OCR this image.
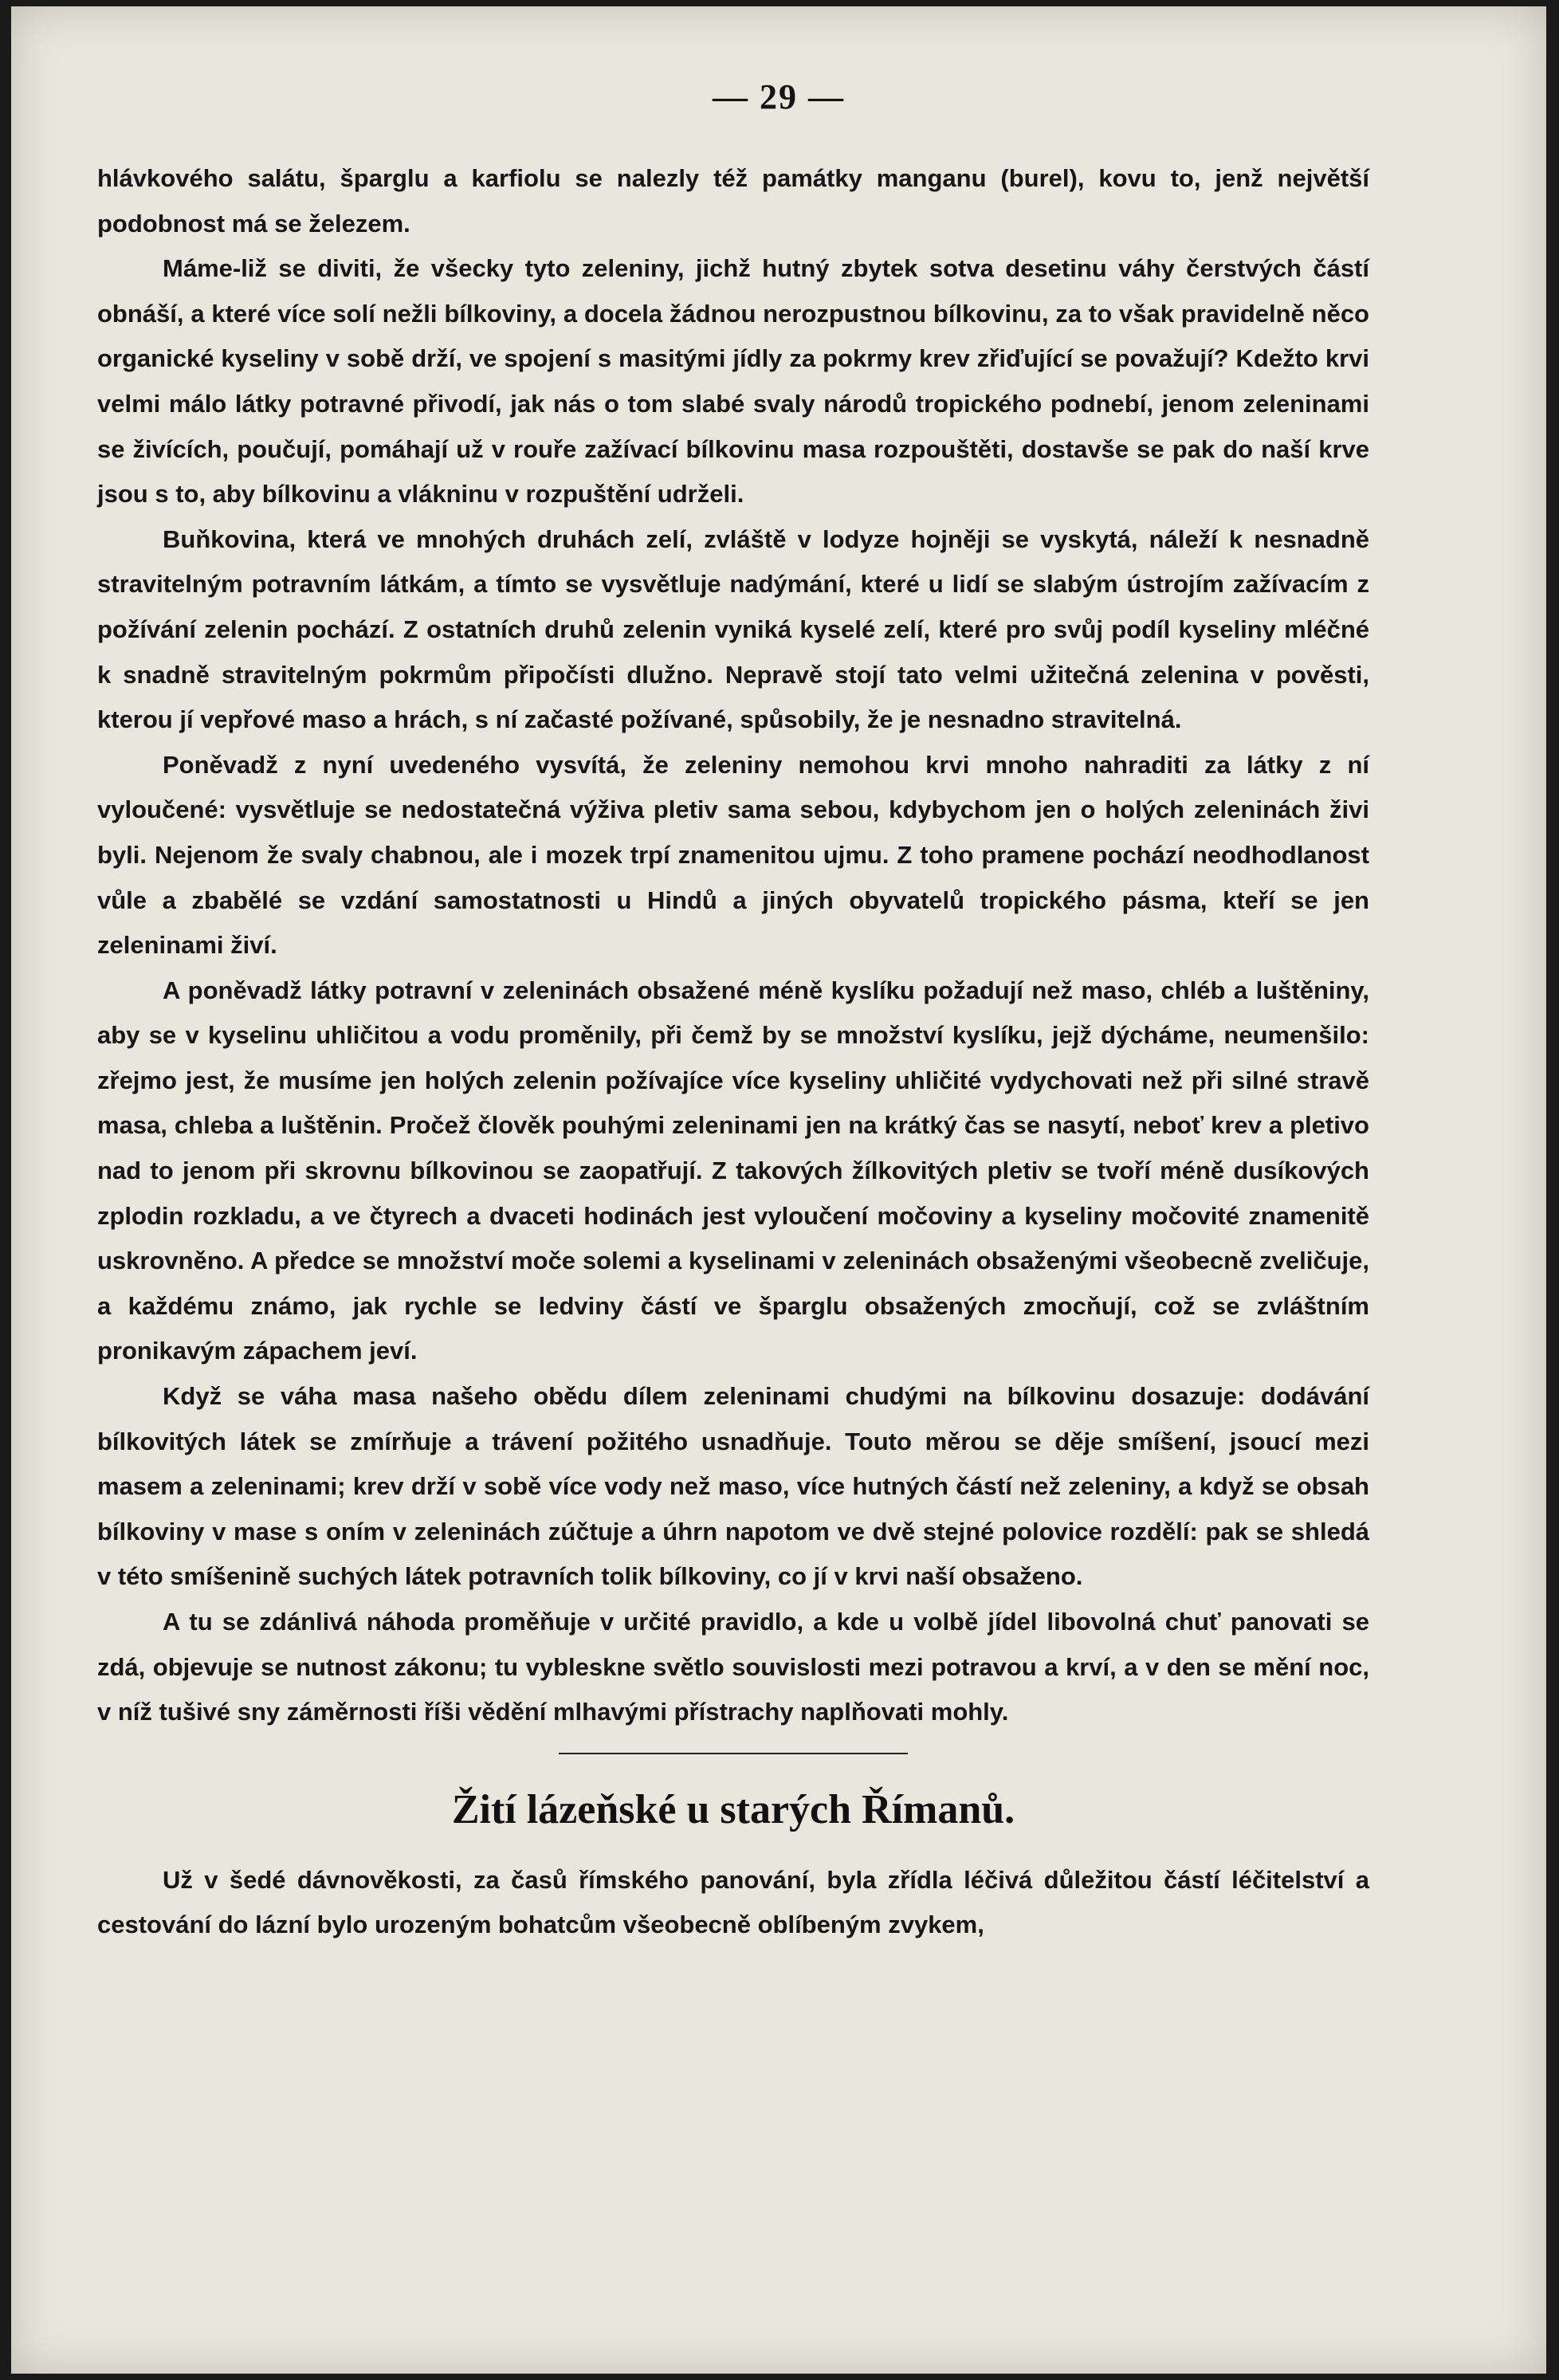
— 29 —

hlávkového salátu, šparglu a karfiolu se nalezly též památky manganu (burel), kovu to, jenž největší podobnost má se železem.

Máme-liž se diviti, že všecky tyto zeleniny, jichž hutný zbytek sotva desetinu váhy čerstvých částí obnáší, a které více solí nežli bílkoviny, a docela žádnou nerozpustnou bílkovinu, za to však pravidelně něco organické kyseliny v sobě drží, ve spojení s masitými jídly za pokrmy krev zřiďující se považují? Kdežto krvi velmi málo látky potravné přivodí, jak nás o tom slabé svaly národů tropického podnebí, jenom zeleninami se živících, poučují, pomáhají už v rouře zažívací bílkovinu masa rozpouštěti, dostavše se pak do naší krve jsou s to, aby bílkovinu a vlákninu v rozpuštění udrželi.

Buňkovina, která ve mnohých druhách zelí, zvláště v lodyze hojněji se vyskytá, náleží k nesnadně stravitelným potravním látkám, a tímto se vysvětluje nadýmání, které u lidí se slabým ústrojím zažívacím z požívání zelenin pochází. Z ostatních druhů zelenin vyniká kyselé zelí, které pro svůj podíl kyseliny mléčné k snadně stravitelným pokrmům připočísti dlužno. Nepravě stojí tato velmi užitečná zelenina v pověsti, kterou jí vepřové maso a hrách, s ní začasté požívané, spůsobily, že je nesnadno stravitelná.

Poněvadž z nyní uvedeného vysvítá, že zeleniny nemohou krvi mnoho nahraditi za látky z ní vyloučené: vysvětluje se nedostatečná výživa pletiv sama sebou, kdybychom jen o holých zeleninách živi byli. Nejenom že svaly chabnou, ale i mozek trpí znamenitou ujmu. Z toho pramene pochází neodhodlanost vůle a zbabělé se vzdání samostatnosti u Hindů a jiných obyvatelů tropického pásma, kteří se jen zeleninami živí.

A poněvadž látky potravní v zeleninách obsažené méně kyslíku požadují než maso, chléb a luštěniny, aby se v kyselinu uhličitou a vodu proměnily, při čemž by se množství kyslíku, jejž dýcháme, neumenšilo: zřejmo jest, že musíme jen holých zelenin požívajíce více kyseliny uhličité vydychovati než při silné stravě masa, chleba a luštěnin. Pročež člověk pouhými zeleninami jen na krátký čas se nasytí, neboť krev a pletivo nad to jenom při skrovnu bílkovinou se zaopatřují. Z takových žílkovitých pletiv se tvoří méně dusíkových zplodin rozkladu, a ve čtyrech a dvaceti hodinách jest vyloučení močoviny a kyseliny močovité znamenitě uskrovněno. A předce se množství moče solemi a kyselinami v zeleninách obsaženými všeobecně zveličuje, a každému známo, jak rychle se ledviny částí ve šparglu obsažených zmocňují, což se zvláštním pronikavým zápachem jeví.

Když se váha masa našeho obědu dílem zeleninami chudými na bílkovinu dosazuje: dodávání bílkovitých látek se zmírňuje a trávení požitého usnadňuje. Touto měrou se děje smíšení, jsoucí mezi masem a zeleninami; krev drží v sobě více vody než maso, více hutných částí než zeleniny, a když se obsah bílkoviny v mase s oním v zeleninách zúčtuje a úhrn napotom ve dvě stejné polovice rozdělí: pak se shledá v této smíšenině suchých látek potravních tolik bílkoviny, co jí v krvi naší obsaženo.

A tu se zdánlivá náhoda proměňuje v určité pravidlo, a kde u volbě jídel libovolná chuť panovati se zdá, objevuje se nutnost zákonu; tu vybleskne světlo souvislosti mezi potravou a krví, a v den se mění noc, v níž tušivé sny záměrnosti říši vědění mlhavými přístrachy naplňovati mohly.

Žití lázeňské u starých Římanů.

Už v šedé dávnověkosti, za časů římského panování, byla zřídla léčivá důležitou částí léčitelství a cestování do lázní bylo urozeným bohatcům všeobecně oblíbeným zvykem,
